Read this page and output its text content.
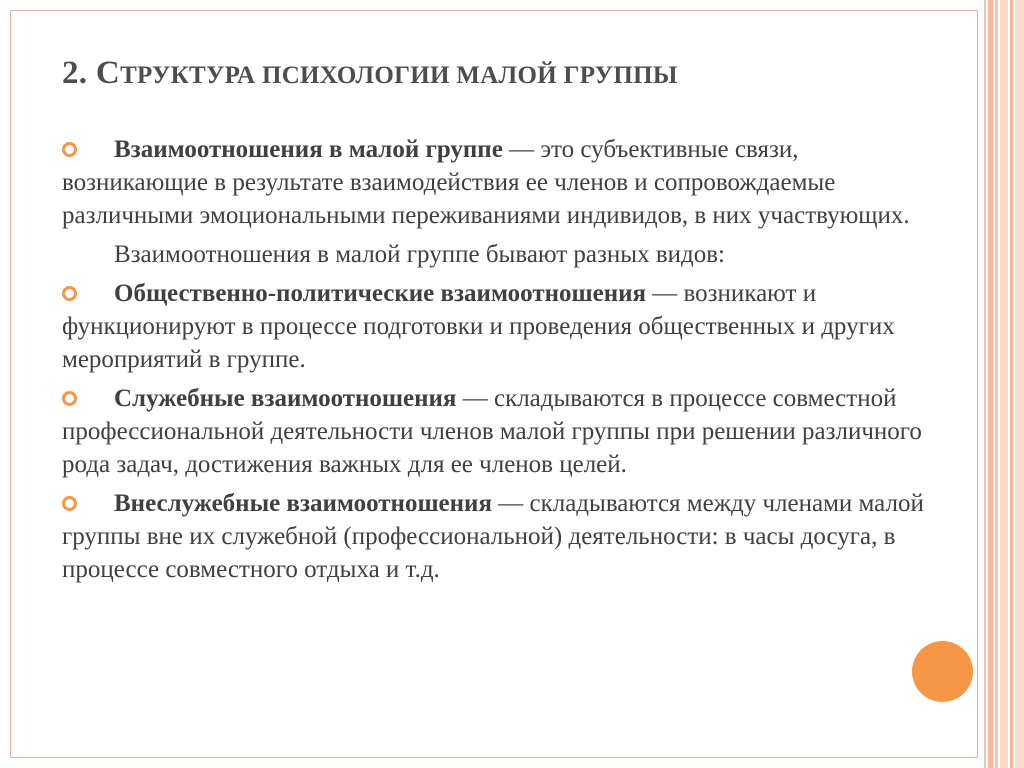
2. СТРУКТУРА ПСИХОЛОГИИ МАЛОЙ ГРУППЫ

Взаимоотношения в малой группе — это субъективные связи, возникающие в результате взаимодействия ее членов и сопровождаемые различными эмоциональными переживаниями индивидов, в них участвующих.

Взаимоотношения в малой группе бывают разных видов:

Общественно-политические взаимоотношения — возникают и функционируют в процессе подготовки и проведения общественных и других мероприятий в группе.

Служебные взаимоотношения — складываются в процессе совместной профессиональной деятельности членов малой группы при решении различного рода задач, достижения важных для ее членов целей.

Внеслужебные взаимоотношения — складываются между членами малой группы вне их служебной (профессиональной) деятельности: в часы досуга, в процессе совместного отдыха и т.д.
